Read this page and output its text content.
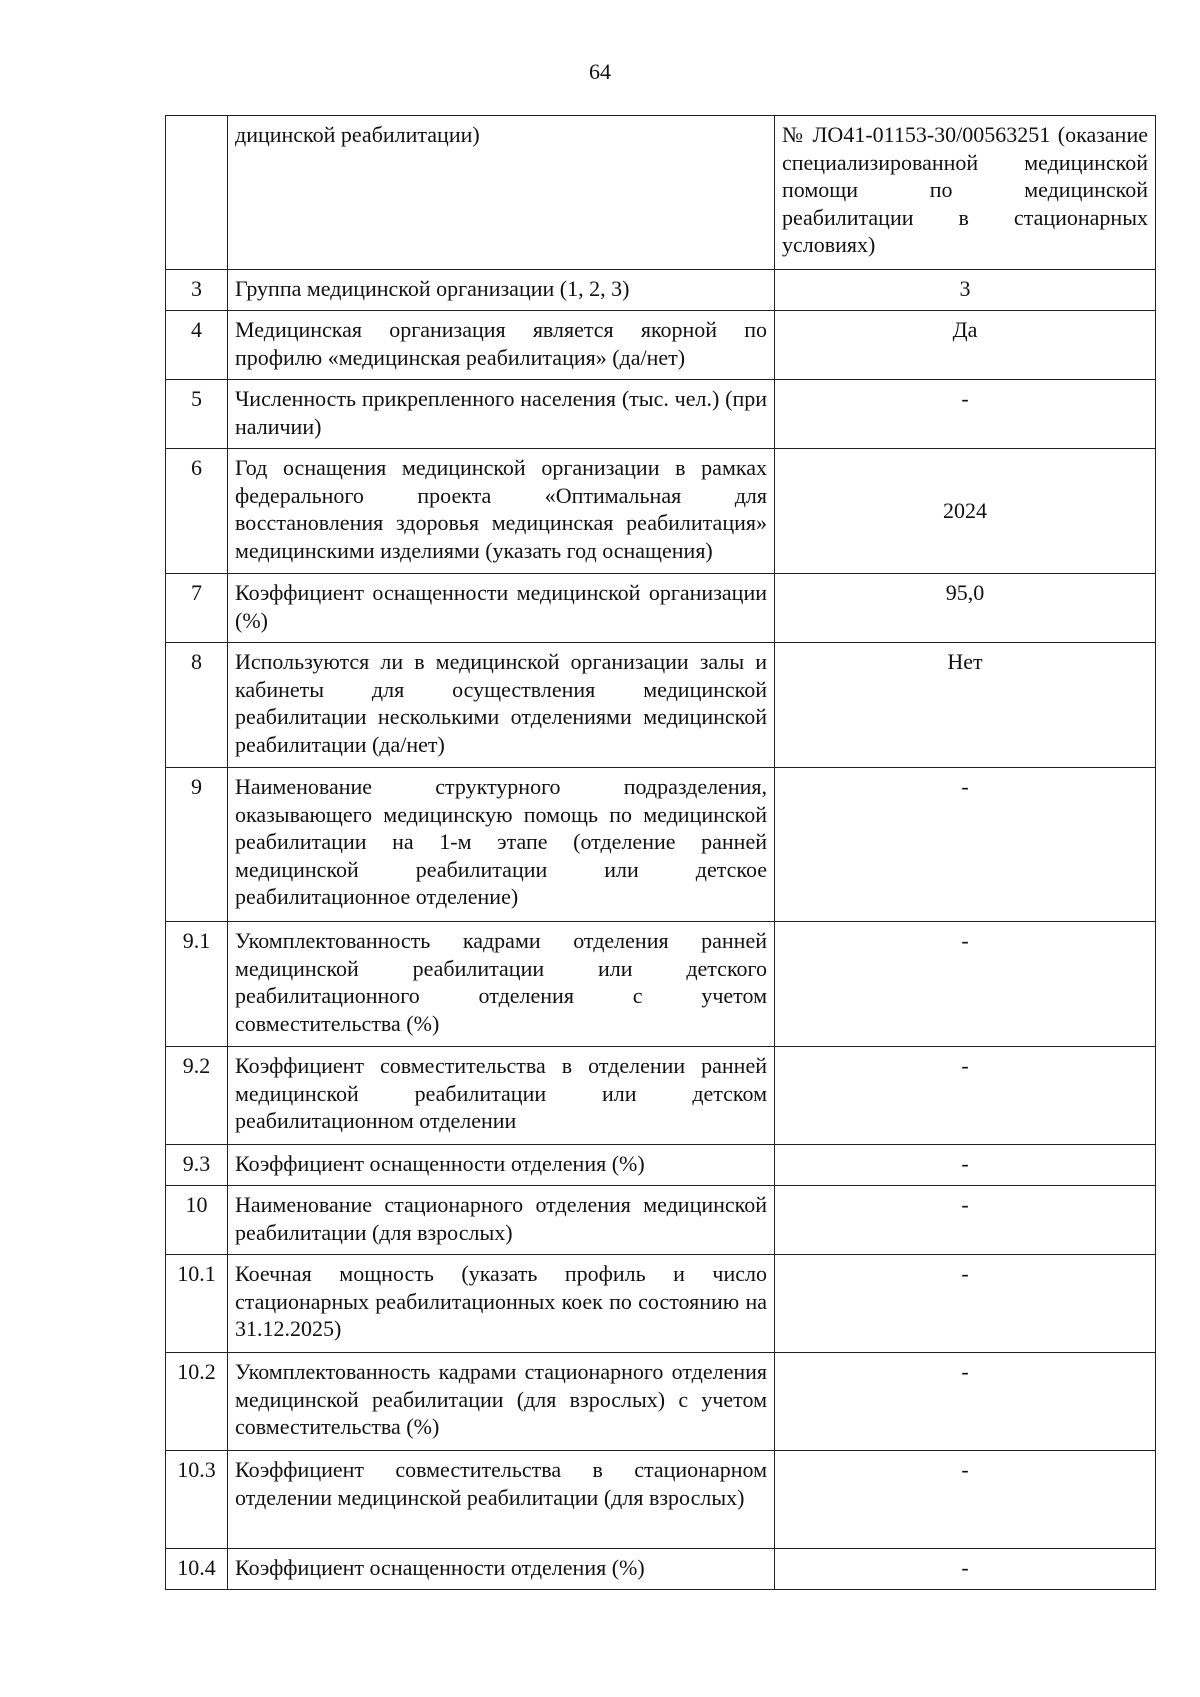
64
	дицинской реабилитации)	№ ЛО41-01153-30/00563251 (оказание специализированной медицинской помощи по медицинской реабилитации в стационарных условиях)
3	Группа медицинской организации (1, 2, 3)	3
4	Медицинская организация является якорной по профилю «медицинская реабилитация» (да/нет)	Да
5	Численность прикрепленного населения (тыс. чел.) (при наличии)	-
6	Год оснащения медицинской организации в рамках федерального проекта «Оптимальная для восстановления здоровья медицинская реабилитация» медицинскими изделиями (указать год оснащения)	2024
7	Коэффициент оснащенности медицинской организации (%)	95,0
8	Используются ли в медицинской организации залы и кабинеты для осуществления медицинской реабилитации несколькими отделениями медицинской реабилитации (да/нет)	Нет
9	Наименование структурного подразделения, оказывающего медицинскую помощь по медицинской реабилитации на 1-м этапе (отделение ранней медицинской реабилитации или детское реабилитационное отделение)	-
9.1	Укомплектованность кадрами отделения ранней медицинской реабилитации или детского реабилитационного отделения с учетом совместительства (%)	-
9.2	Коэффициент совместительства в отделении ранней медицинской реабилитации или детском реабилитационном отделении	-
9.3	Коэффициент оснащенности отделения (%)	-
10	Наименование стационарного отделения медицинской реабилитации (для взрослых)	-
10.1	Коечная мощность (указать профиль и число стационарных реабилитационных коек по состоянию на 31.12.2025)	-
10.2	Укомплектованность кадрами стационарного отделения медицинской реабилитации (для взрослых) с учетом совместительства (%)	-
10.3	Коэффициент совместительства в стационарном отделении медицинской реабилитации (для взрослых)	-
10.4	Коэффициент оснащенности отделения (%)	-
